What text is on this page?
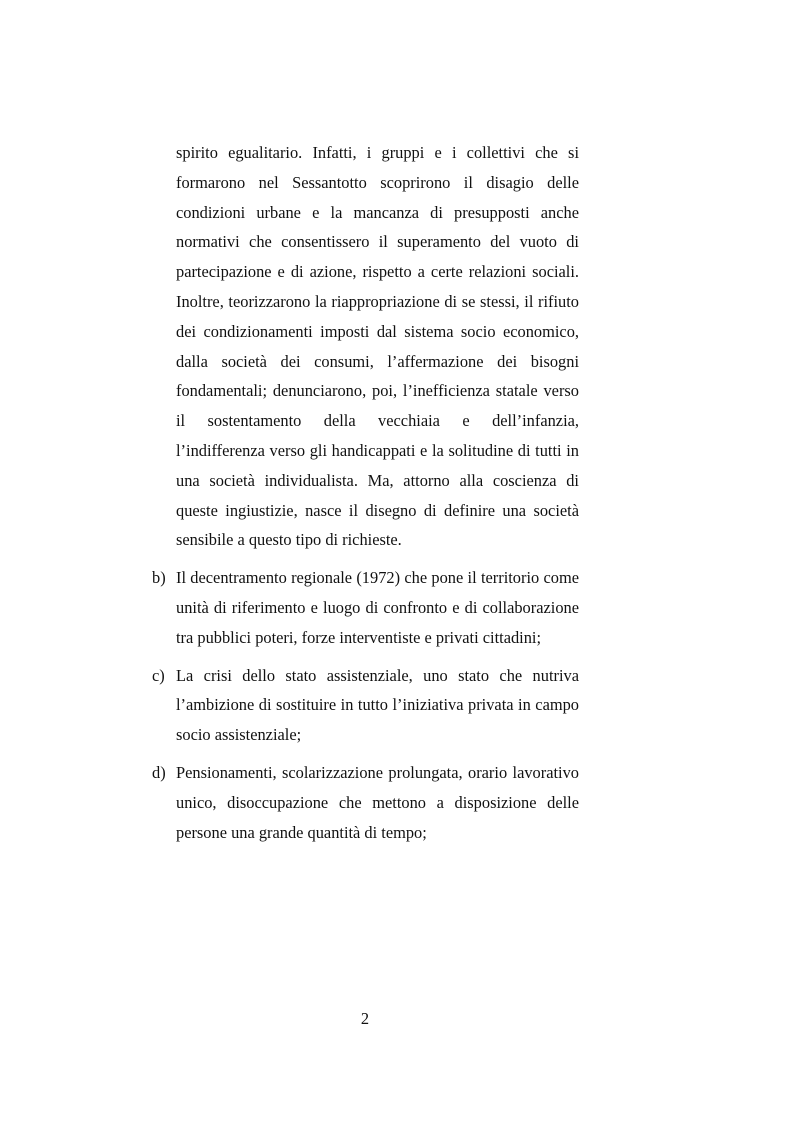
spirito egualitario. Infatti, i gruppi e i collettivi che si formarono nel Sessantotto scoprirono il disagio delle condizioni urbane e la mancanza di presupposti anche normativi che consentissero il superamento del vuoto di partecipazione e di azione, rispetto a certe relazioni sociali. Inoltre, teorizzarono la riappropriazione di se stessi, il rifiuto dei condizionamenti imposti dal sistema socio economico, dalla società dei consumi, l’affermazione dei bisogni fondamentali; denunciarono, poi, l’inefficienza statale verso il sostentamento della vecchiaia e dell’infanzia, l’indifferenza verso gli handicappati e la solitudine di tutti in una società individualista. Ma, attorno alla coscienza di queste ingiustizie, nasce il disegno di definire una società sensibile a questo tipo di richieste.

b) Il decentramento regionale (1972) che pone il territorio come unità di riferimento e luogo di confronto e di collaborazione tra pubblici poteri, forze interventiste e privati cittadini;
c) La crisi dello stato assistenziale, uno stato che nutriva l’ambizione di sostituire in tutto l’iniziativa privata in campo socio assistenziale;
d) Pensionamenti, scolarizzazione prolungata, orario lavorativo unico, disoccupazione che mettono a disposizione delle persone una grande quantità di tempo;
2
